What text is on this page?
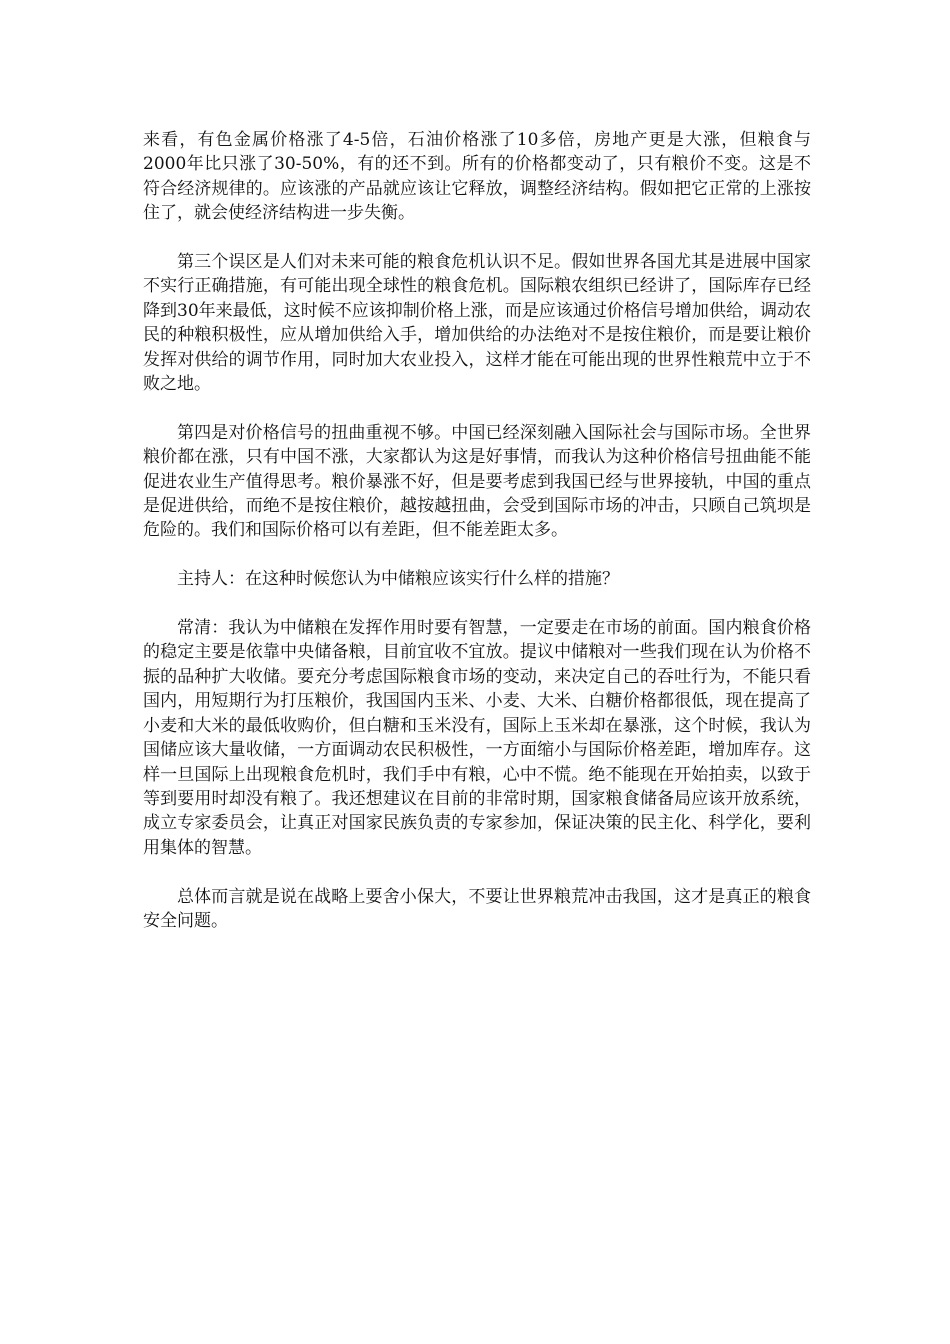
来看，有色金属价格涨了4-5倍，石油价格涨了10多倍，房地产更是大涨，但粮食与2000年比只涨了30-50%，有的还不到。所有的价格都变动了，只有粮价不变。这是不符合经济规律的。应该涨的产品就应该让它释放，调整经济结构。假如把它正常的上涨按住了，就会使经济结构进一步失衡。

第三个误区是人们对未来可能的粮食危机认识不足。假如世界各国尤其是进展中国家不实行正确措施，有可能出现全球性的粮食危机。国际粮农组织已经讲了，国际库存已经降到30年来最低，这时候不应该抑制价格上涨，而是应该通过价格信号增加供给，调动农民的种粮积极性，应从增加供给入手，增加供给的办法绝对不是按住粮价，而是要让粮价发挥对供给的调节作用，同时加大农业投入，这样才能在可能出现的世界性粮荒中立于不败之地。

第四是对价格信号的扭曲重视不够。中国已经深刻融入国际社会与国际市场。全世界粮价都在涨，只有中国不涨，大家都认为这是好事情，而我认为这种价格信号扭曲能不能促进农业生产值得思考。粮价暴涨不好，但是要考虑到我国已经与世界接轨，中国的重点是促进供给，而绝不是按住粮价，越按越扭曲，会受到国际市场的冲击，只顾自己筑坝是危险的。我们和国际价格可以有差距，但不能差距太多。

主持人：在这种时候您认为中储粮应该实行什么样的措施？

常清：我认为中储粮在发挥作用时要有智慧，一定要走在市场的前面。国内粮食价格的稳定主要是依靠中央储备粮，目前宜收不宜放。提议中储粮对一些我们现在认为价格不振的品种扩大收储。要充分考虑国际粮食市场的变动，来决定自己的吞吐行为，不能只看国内，用短期行为打压粮价，我国国内玉米、小麦、大米、白糖价格都很低，现在提高了小麦和大米的最低收购价，但白糖和玉米没有，国际上玉米却在暴涨，这个时候，我认为国储应该大量收储，一方面调动农民积极性，一方面缩小与国际价格差距，增加库存。这样一旦国际上出现粮食危机时，我们手中有粮，心中不慌。绝不能现在开始拍卖，以致于等到要用时却没有粮了。我还想建议在目前的非常时期，国家粮食储备局应该开放系统，成立专家委员会，让真正对国家民族负责的专家参加，保证决策的民主化、科学化，要利用集体的智慧。

总体而言就是说在战略上要舍小保大，不要让世界粮荒冲击我国，这才是真正的粮食安全问题。
